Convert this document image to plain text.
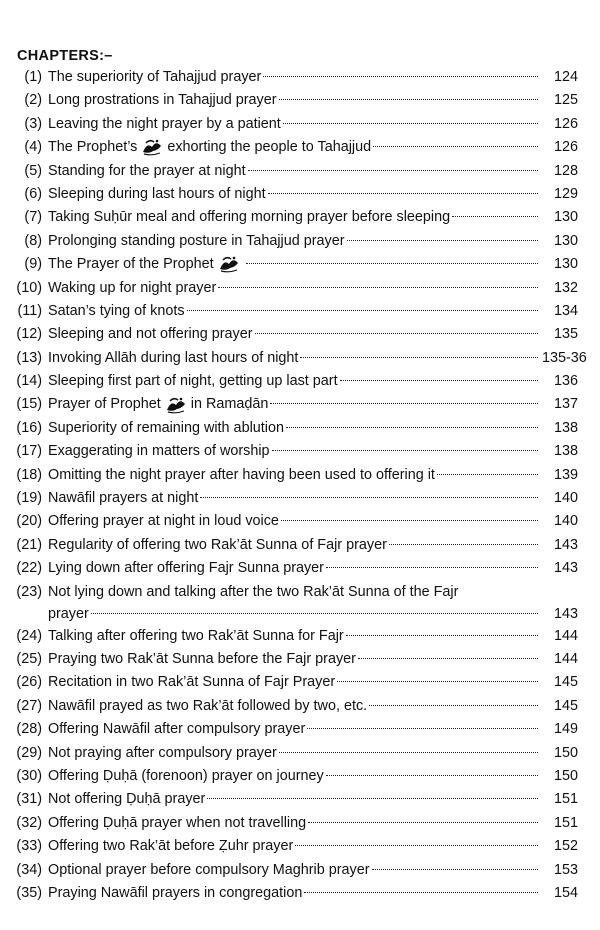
CHAPTERS:–
(1) The superiority of Tahajjud prayer	124
(2) Long prostrations in Tahajjud prayer	125
(3) Leaving the night prayer by a patient	126
(4) The Prophet’s exhorting the people to Tahajjud	126
(5) Standing for the prayer at night	128
(6) Sleeping during last hours of night	129
(7) Taking Suḥūr meal and offering morning prayer before sleeping	130
(8) Prolonging standing posture in Tahajjud prayer	130
(9) The Prayer of the Prophet	130
(10) Waking up for night prayer	132
(11) Satan’s tying of knots	134
(12) Sleeping and not offering prayer	135
(13) Invoking Allāh during last hours of night	135-36
(14) Sleeping first part of night, getting up last part	136
(15) Prayer of Prophet in Ramaḍān	137
(16) Superiority of remaining with ablution	138
(17) Exaggerating in matters of worship	138
(18) Omitting the night prayer after having been used to offering it	139
(19) Nawāfil prayers at night	140
(20) Offering prayer at night in loud voice	140
(21) Regularity of offering two Rak’āt Sunna of Fajr prayer	143
(22) Lying down after offering Fajr Sunna prayer	143
(23) Not lying down and talking after the two Rak’āt Sunna of the Fajr
prayer	143
(24) Talking after offering two Rak’āt Sunna for Fajr	144
(25) Praying two Rak’āt Sunna before the Fajr prayer	144
(26) Recitation in two Rak’āt Sunna of Fajr Prayer	145
(27) Nawāfil prayed as two Rak’āt followed by two, etc.	145
(28) Offering Nawāfil after compulsory prayer	149
(29) Not praying after compulsory prayer	150
(30) Offering Ḍuḥā (forenoon) prayer on journey	150
(31) Not offering Ḍuḥā prayer	151
(32) Offering Ḍuḥā prayer when not travelling	151
(33) Offering two Rak’āt before Ẓuhr prayer	152
(34) Optional prayer before compulsory Maghrib prayer	153
(35) Praying Nawāfil prayers in congregation	154
